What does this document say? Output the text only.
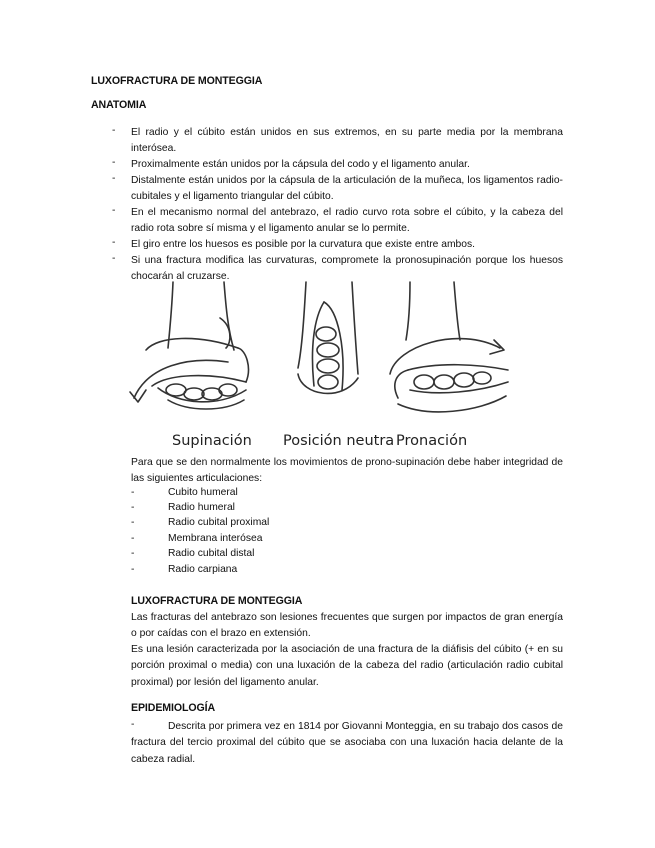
LUXOFRACTURA DE MONTEGGIA
ANATOMIA
- El radio y el cúbito están unidos en sus extremos, en su parte media por la membrana interósea.
- Proximalmente están unidos por la cápsula del codo y el ligamento anular.
- Distalmente están unidos por la cápsula de la articulación de la muñeca, los ligamentos radio-cubitales y el ligamento triangular del cúbito.
- En el mecanismo normal del antebrazo, el radio curvo rota sobre el cúbito, y la cabeza del radio rota sobre sí misma y el ligamento anular se lo permite.
- El giro entre los huesos es posible por la curvatura que existe entre ambos.
- Si una fractura modifica las curvaturas, compromete la pronosupinación porque los huesos chocarán al cruzarse.
Supinación Posición neutra Pronación
Para que se den normalmente los movimientos de prono-supinación debe haber integridad de las siguientes articulaciones:
-	Cubito humeral
-	Radio humeral
-	Radio cubital proximal
-	Membrana interósea
-	Radio cubital distal
-	Radio carpiana
LUXOFRACTURA DE MONTEGGIA
Las fracturas del antebrazo son lesiones frecuentes que surgen por impactos de gran energía o por caídas con el brazo en extensión.
Es una lesión caracterizada por la asociación de una fractura de la diáfisis del cúbito (+ en su porción proximal o media) con una luxación de la cabeza del radio (articulación radio cubital proximal) por lesión del ligamento anular.
EPIDEMIOLOGÍA
-	Descrita por primera vez en 1814 por Giovanni Monteggia, en su trabajo dos casos de fractura del tercio proximal del cúbito que se asociaba con una luxación hacia delante de la cabeza radial.
